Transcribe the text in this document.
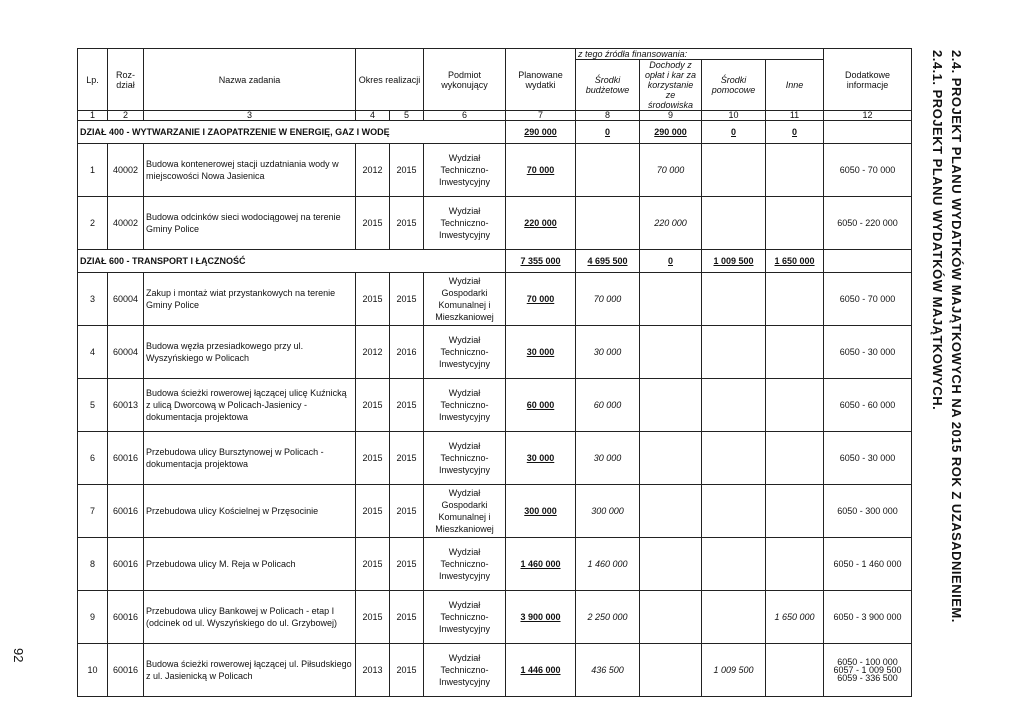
92
2.4. PROJEKT PLANU WYDATKÓW MAJĄTKOWYCH NA 2015 ROK Z UZASADNIENIEM.
2.4.1. PROJEKT PLANU WYDATKÓW MAJĄTKOWYCH.
Lp.	Roz-dział	Nazwa zadania	Okres realizacji		Podmiot wykonujący	Planowane wydatki	z tego źródła finansowania:				Dodatkowe informacje
							Środki budżetowe	Dochody z opłat i kar za korzystanie ze środowiska	Środki pomocowe	Inne	
1	2	3	4	5	6	7	8	9	10	11	12
DZIAŁ 400 - WYTWARZANIE I ZAOPATRZENIE W ENERGIĘ, GAZ I WODĘ						290 000	0	290 000	0	0	
1	40002	Budowa kontenerowej stacji uzdatniania wody w miejscowości Nowa Jasienica	2012	2015	Wydział Techniczno-Inwestycyjny	70 000		70 000			6050 - 70 000
2	40002	Budowa odcinków sieci wodociągowej na terenie Gminy Police	2015	2015	Wydział Techniczno-Inwestycyjny	220 000		220 000			6050 - 220 000
DZIAŁ 600 - TRANSPORT I ŁĄCZNOŚĆ						7 355 000	4 695 500	0	1 009 500	1 650 000	
3	60004	Zakup i montaż wiat przystankowych na terenie Gminy Police	2015	2015	Wydział Gospodarki Komunalnej i Mieszkaniowej	70 000	70 000				6050 - 70 000
4	60004	Budowa węzła przesiadkowego przy ul. Wyszyńskiego w Policach	2012	2016	Wydział Techniczno-Inwestycyjny	30 000	30 000				6050 - 30 000
5	60013	Budowa ścieżki rowerowej łączącej ulicę Kuźnicką z ulicą Dworcową w Policach-Jasienicy - dokumentacja projektowa	2015	2015	Wydział Techniczno-Inwestycyjny	60 000	60 000				6050 - 60 000
6	60016	Przebudowa ulicy Bursztynowej w Policach - dokumentacja projektowa	2015	2015	Wydział Techniczno-Inwestycyjny	30 000	30 000				6050 - 30 000
7	60016	Przebudowa ulicy Kościelnej w Przęsocinie	2015	2015	Wydział Gospodarki Komunalnej i Mieszkaniowej	300 000	300 000				6050 - 300 000
8	60016	Przebudowa ulicy M. Reja w Policach	2015	2015	Wydział Techniczno-Inwestycyjny	1 460 000	1 460 000				6050 - 1 460 000
9	60016	Przebudowa ulicy Bankowej w Policach - etap I (odcinek od ul. Wyszyńskiego do ul. Grzybowej)	2015	2015	Wydział Techniczno-Inwestycyjny	3 900 000	2 250 000			1 650 000	6050 - 3 900 000
10	60016	Budowa ścieżki rowerowej łączącej ul. Piłsudskiego z ul. Jasienicką w Policach	2013	2015	Wydział Techniczno-Inwestycyjny	1 446 000	436 500		1 009 500		6050 - 100 000
6057 - 1 009 500
6059 - 336 500
